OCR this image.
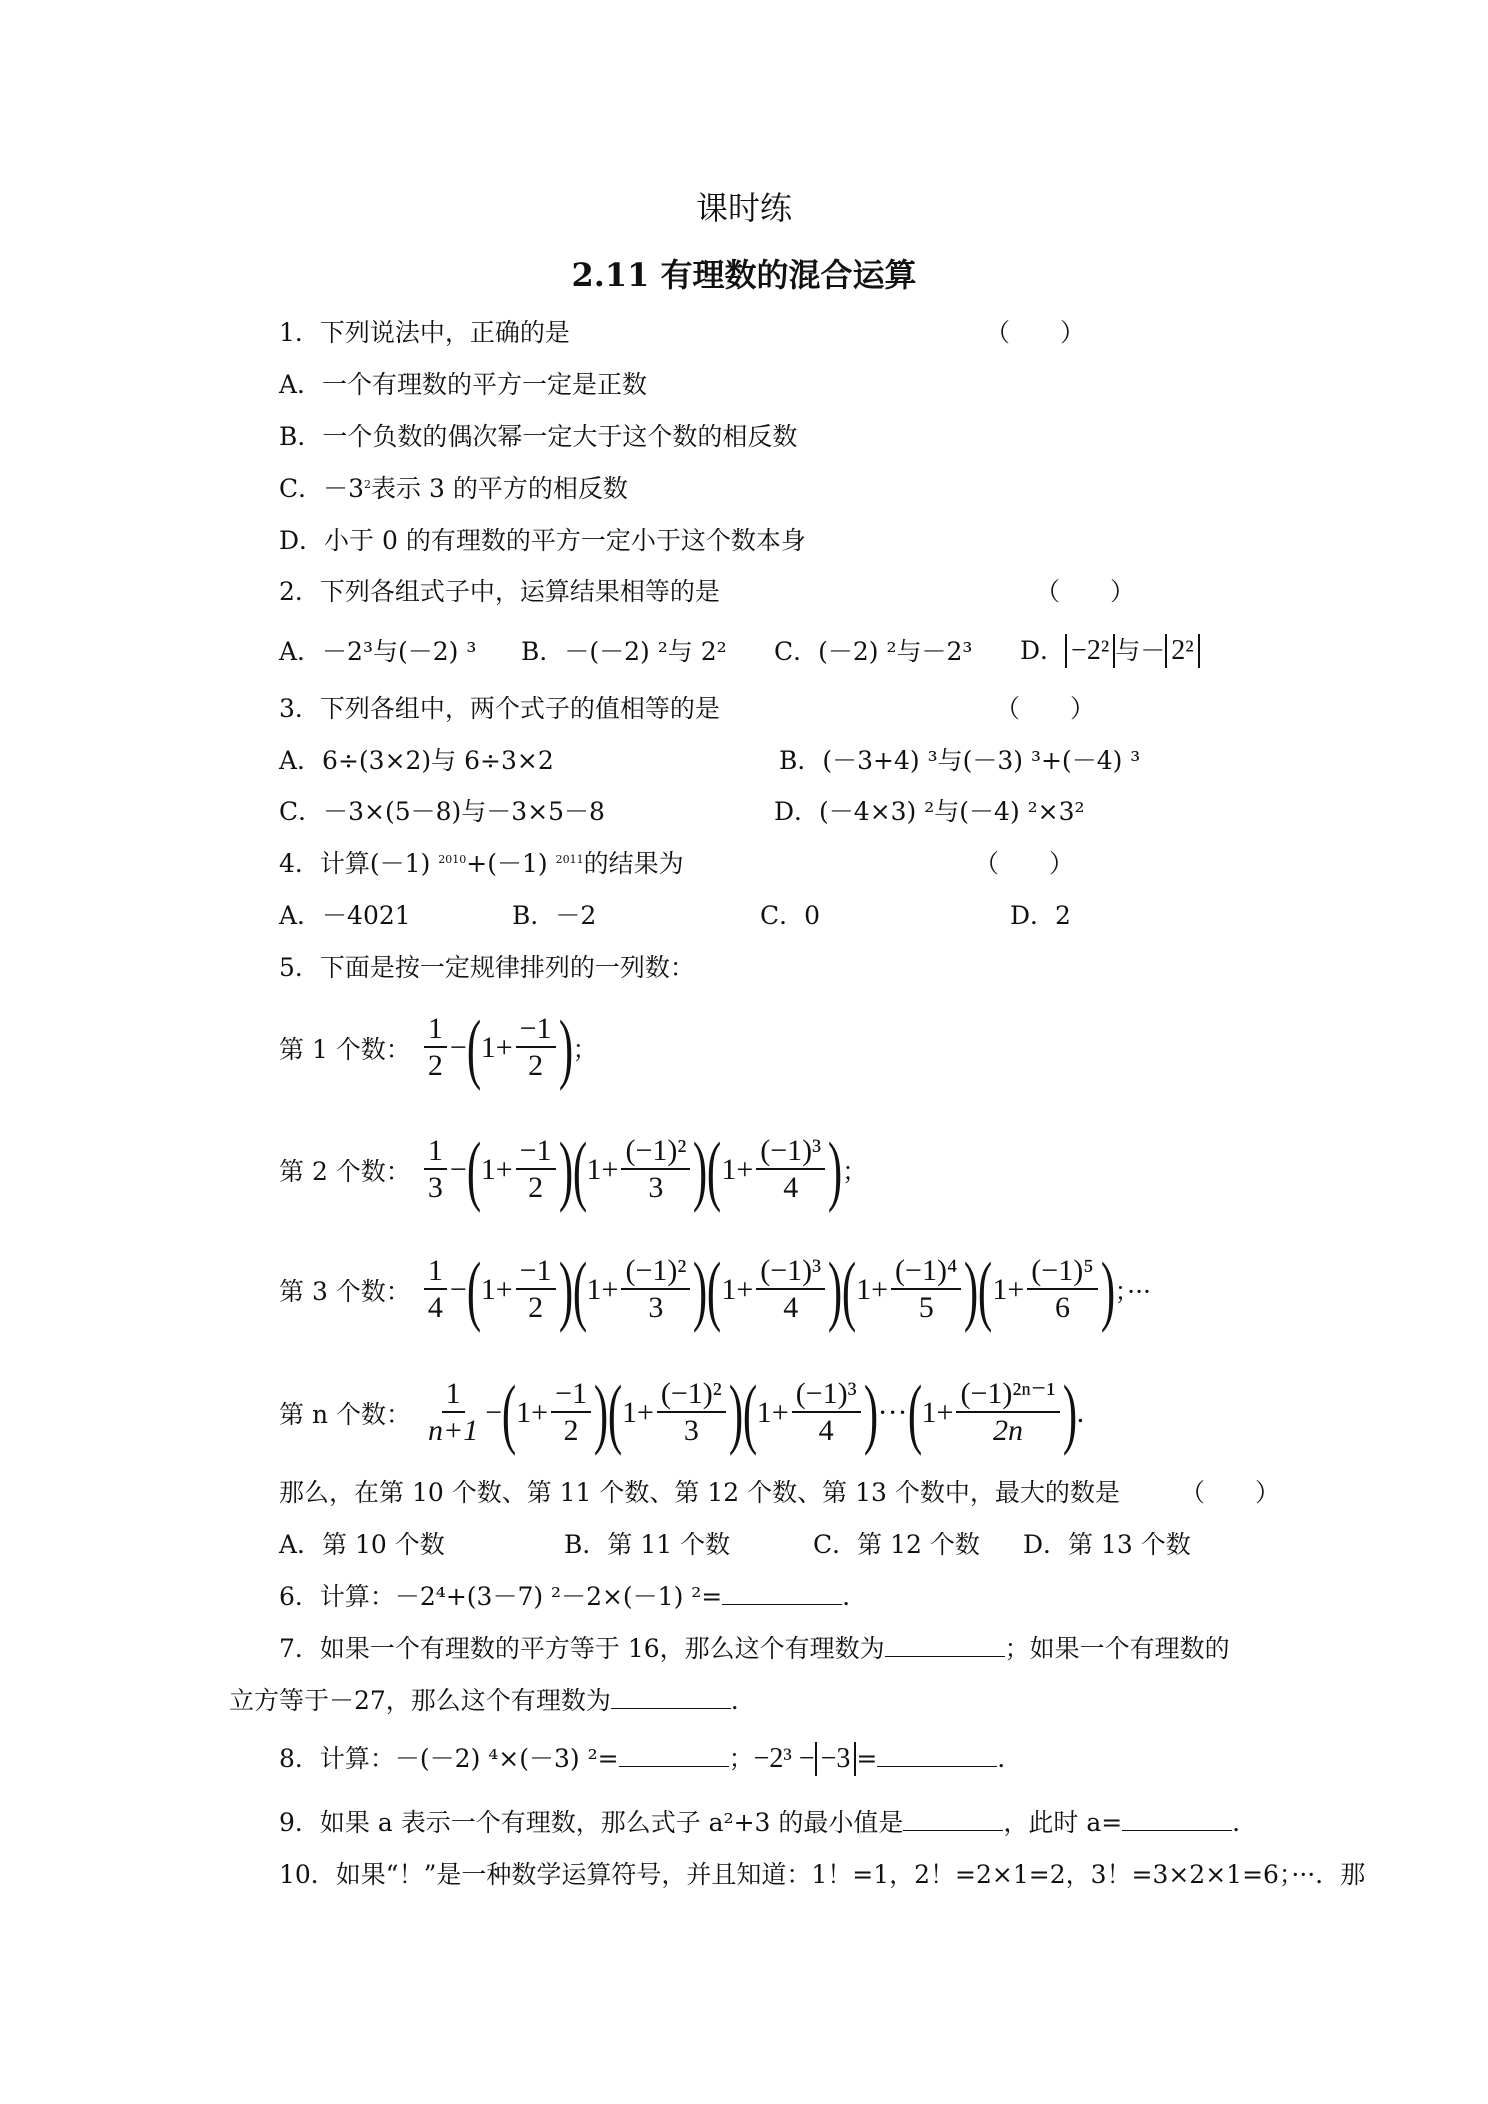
课时练
2.11 有理数的混合运算
1．下列说法中，正确的是	（　　）
A．一个有理数的平方一定是正数
B．一个负数的偶次幂一定大于这个数的相反数
C．$-3^2$表示 3 的平方的相反数
D．小于 0 的有理数的平方一定小于这个数本身
2．下列各组式子中，运算结果相等的是	（　　）
A．－2³与(－2) ³ B．－(－2) ²与 2² C．(－2) ²与－2³ D． −2² 与－ 2²
3．下列各组中，两个式子的值相等的是	（　　）
A．6÷(3×2)与 6÷3×2	B．(－3+4) ³与(－3) ³+(－4) ³
C．－3×(5－8)与－3×5－8	D．(－4×3) ²与(－4) ²×3²
4．计算(－1) $^{2010}$+(－1) $^{2011}$的结果为	（　　）
A．－4021	B．－2	C．0	D．2
5．下面是按一定规律排列的一列数：
第 1 个数： $\frac{1}{2}$ − ( $1+ \frac{-1}{2}$ ) ；
第 2 个数： $\frac{1}{3}$ − ( $1+ \frac{-1}{2}$ ) ( $1+ \frac{\text{(−1)²}}{3}$ ) ( $1+ \frac{\text{(−1)³}}{4}$ ) ；
第 3 个数： $\frac{1}{4}$ − ( $1+ \frac{-1}{2}$ ) ( $1+ \frac{\text{(−1)²}}{3}$ ) ( $1+ \frac{\text{(−1)³}}{4}$ ) ( $1+ \frac{\text{(−1)⁴}}{5}$ ) ( $1+ \frac{\text{(−1)⁵}}{6}$ ) ；···
第 n 个数： $\frac{1}{n+1}$ − ( $1+ \frac{-1}{2}$ ) ( $1+ \frac{\text{(−1)²}}{3}$ ) ( $1+ \frac{\text{(−1)³}}{4}$ ) ··· ( $1+ \frac{\text{(−1)²ⁿ⁻¹}}{2n}$ ) .
那么，在第 10 个数、第 11 个数、第 12 个数、第 13 个数中，最大的数是 （　　）
A．第 10 个数	B．第 11 个数	C．第 12 个数 D．第 13 个数
6．计算：－2⁴+(3－7) ²－2×(－1) ²=	．
7．如果一个有理数的平方等于 16，那么这个有理数为	；如果一个有理数的
立方等于－27，那么这个有理数为	．
8．计算：－(－2) ⁴×(－3) ²=	；−2³ − −3 =	．
9．如果 a 表示一个有理数，那么式子 a²+3 的最小值是	，此时 a=	．
10．如果“！”是一种数学运算符号，并且知道：1！=1，2！=2×1=2，3！=3×2×1=6；···．那
